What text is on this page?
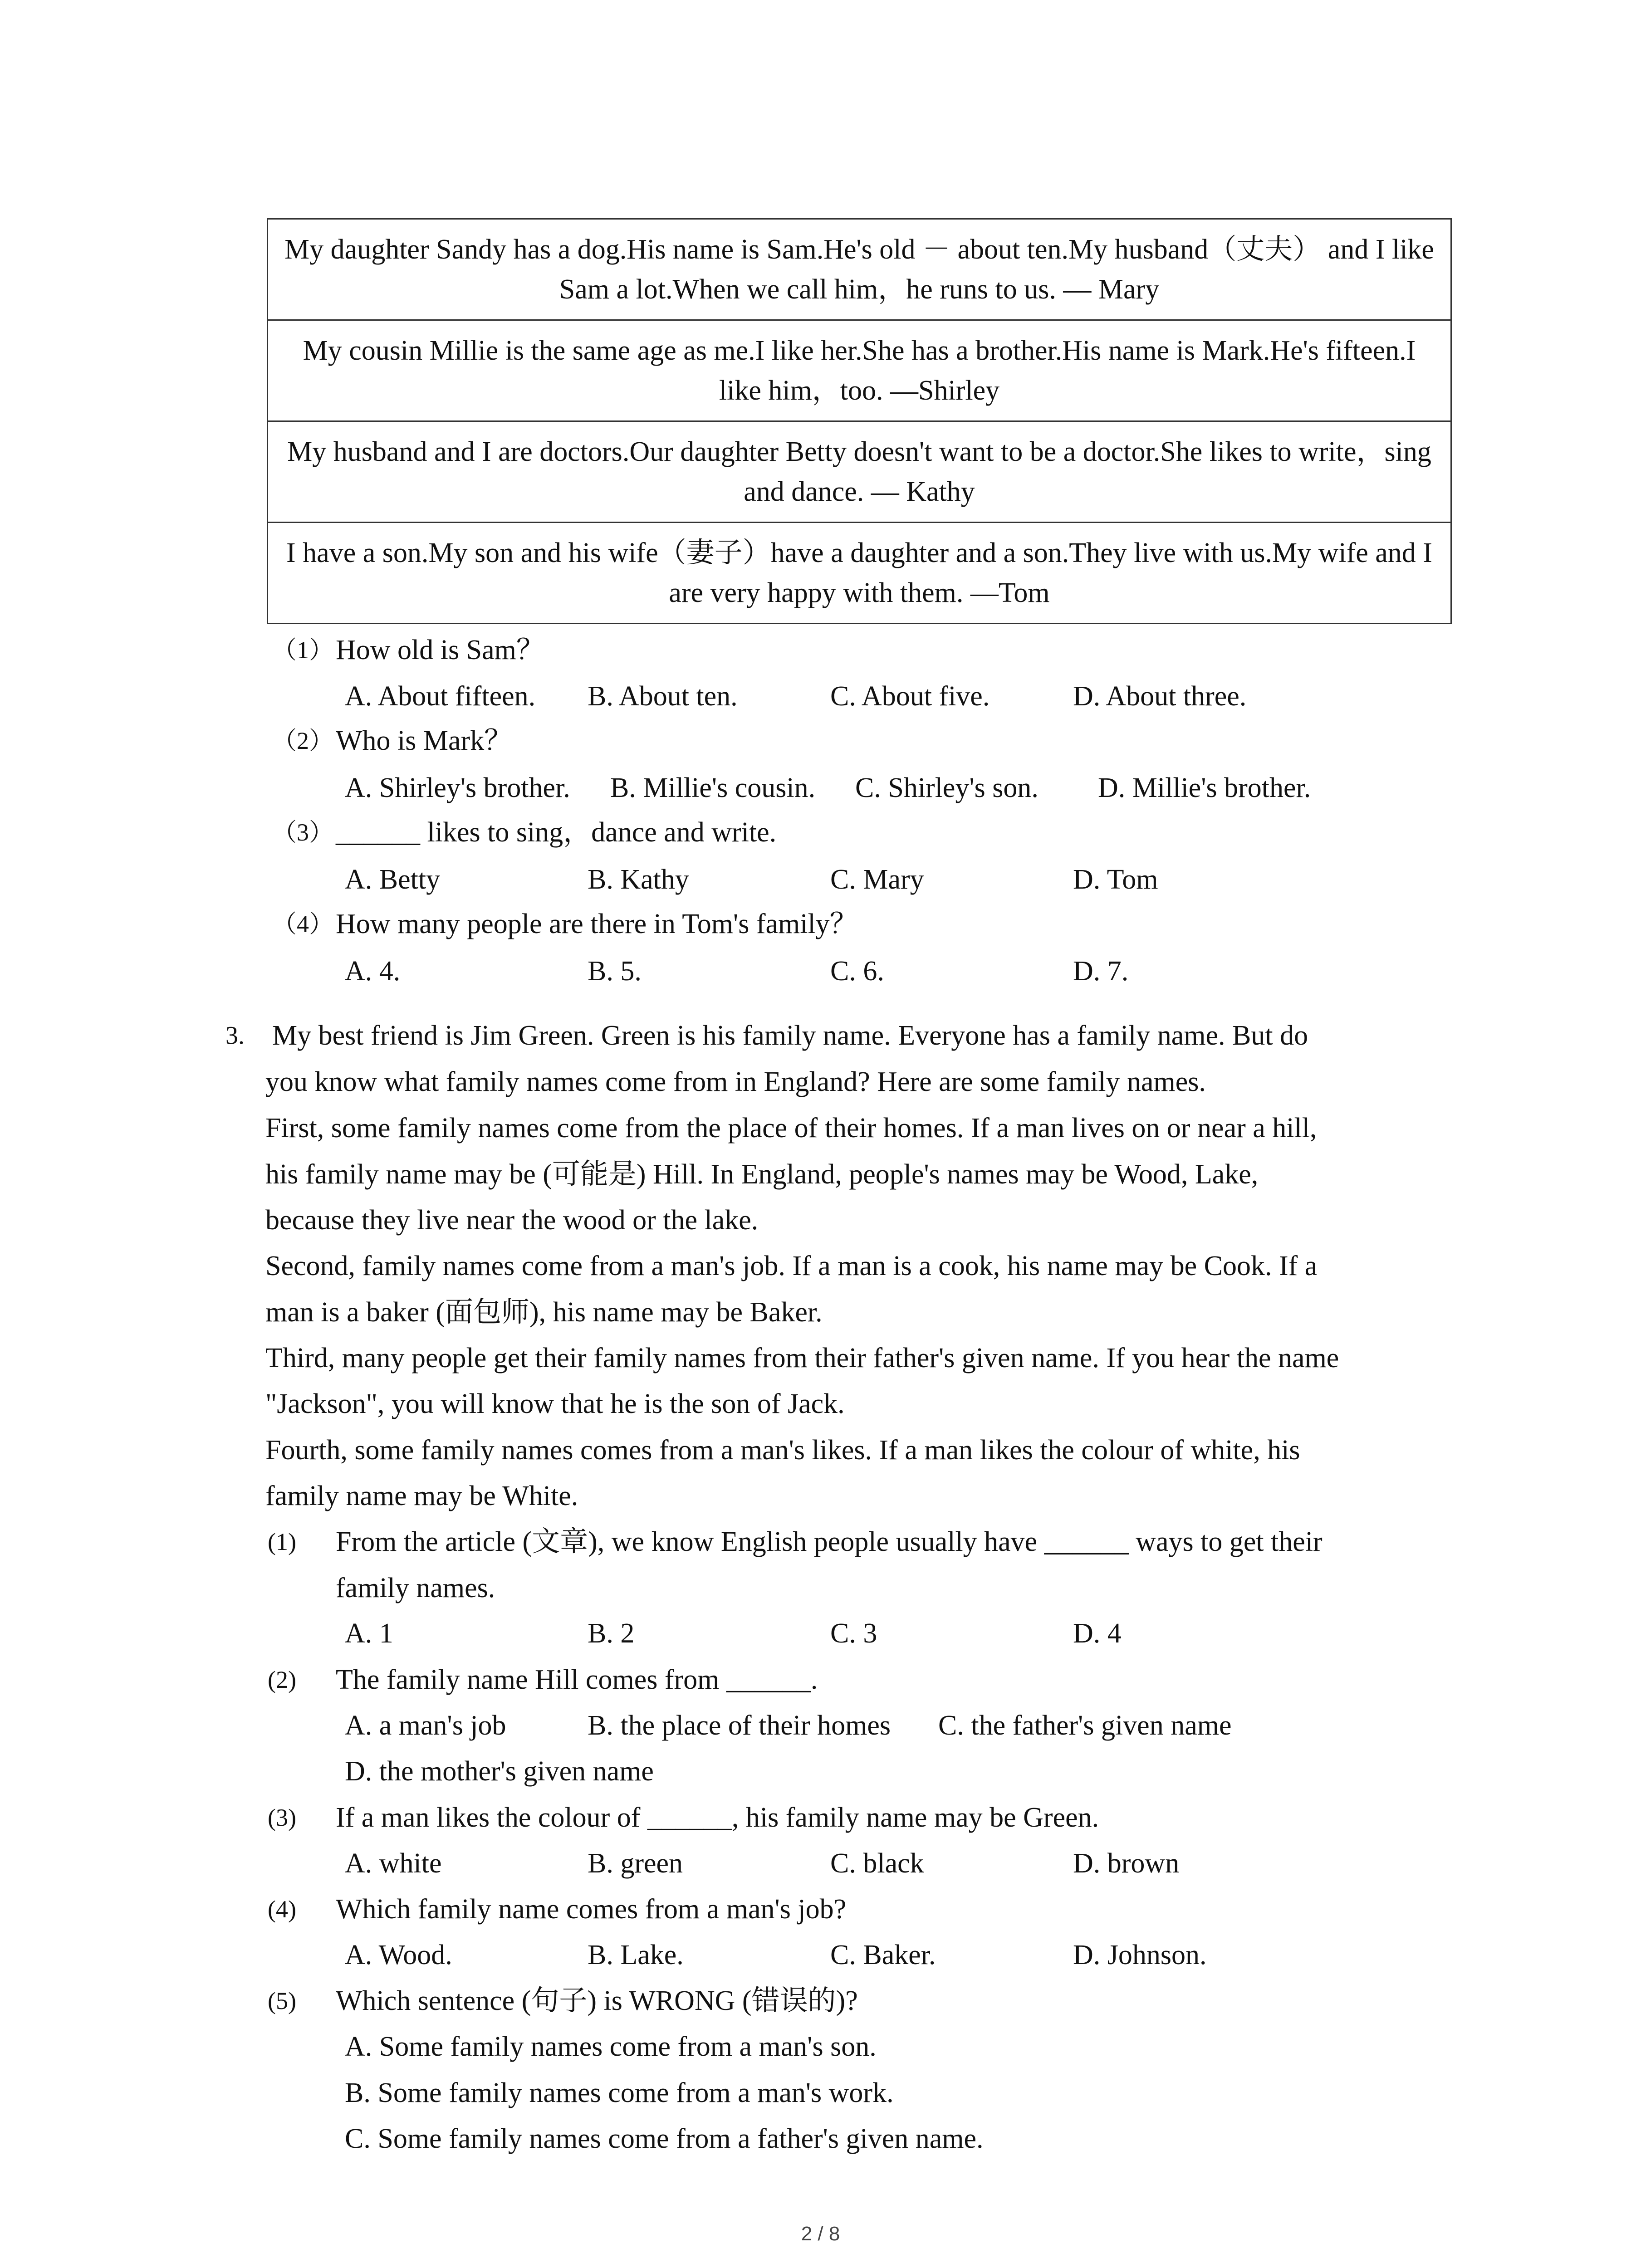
My daughter Sandy has a dog.His name is Sam.He's old － about ten.My husband（丈夫） and I like Sam a lot.When we call him，he runs to us. — Mary
My cousin Millie is the same age as me.I like her.She has a brother.His name is Mark.He's fifteen.I like him，too. —Shirley
My husband and I are doctors.Our daughter Betty doesn't want to be a doctor.She likes to write，sing and dance. — Kathy
I have a son.My son and his wife（妻子）have a daughter and a son.They live with us.My wife and I are very happy with them. —Tom
（1） How old is Sam？
A. About fifteen. B. About ten.	C. About five.	D. About three.
（2） Who is Mark？
A. Shirley's brother. B. Millie's cousin. C. Shirley's son. D. Millie's brother.
（3） ______ likes to sing，dance and write.
A. Betty	B. Kathy	C. Mary	D. Tom
（4） How many people are there in Tom's family？
A. 4.	B. 5.	C. 6.	D. 7.
3. My best friend is Jim Green. Green is his family name. Everyone has a family name. But do
you know what family names come from in England? Here are some family names.
First, some family names come from the place of their homes. If a man lives on or near a hill,
his family name may be (可能是) Hill. In England, people's names may be Wood, Lake,
because they live near the wood or the lake.
Second, family names come from a man's job. If a man is a cook, his name may be Cook. If a
man is a baker (面包师), his name may be Baker.
Third, many people get their family names from their father's given name. If you hear the name
"Jackson", you will know that he is the son of Jack.
Fourth, some family names comes from a man's likes. If a man likes the colour of white, his
family name may be White.
(1) From the article (文章), we know English people usually have ______ ways to get their
family names.
A. 1	B. 2	C. 3	D. 4
(2) The family name Hill comes from ______.
A. a man's job	B. the place of their homes C. the father's given name
D. the mother's given name
(3) If a man likes the colour of ______, his family name may be Green.
A. white	B. green	C. black	D. brown
(4) Which family name comes from a man's job?
A. Wood.	B. Lake.	C. Baker.	D. Johnson.
(5) Which sentence (句子) is WRONG (错误的)?
A. Some family names come from a man's son.
B. Some family names come from a man's work.
C. Some family names come from a father's given name.
2 / 8
